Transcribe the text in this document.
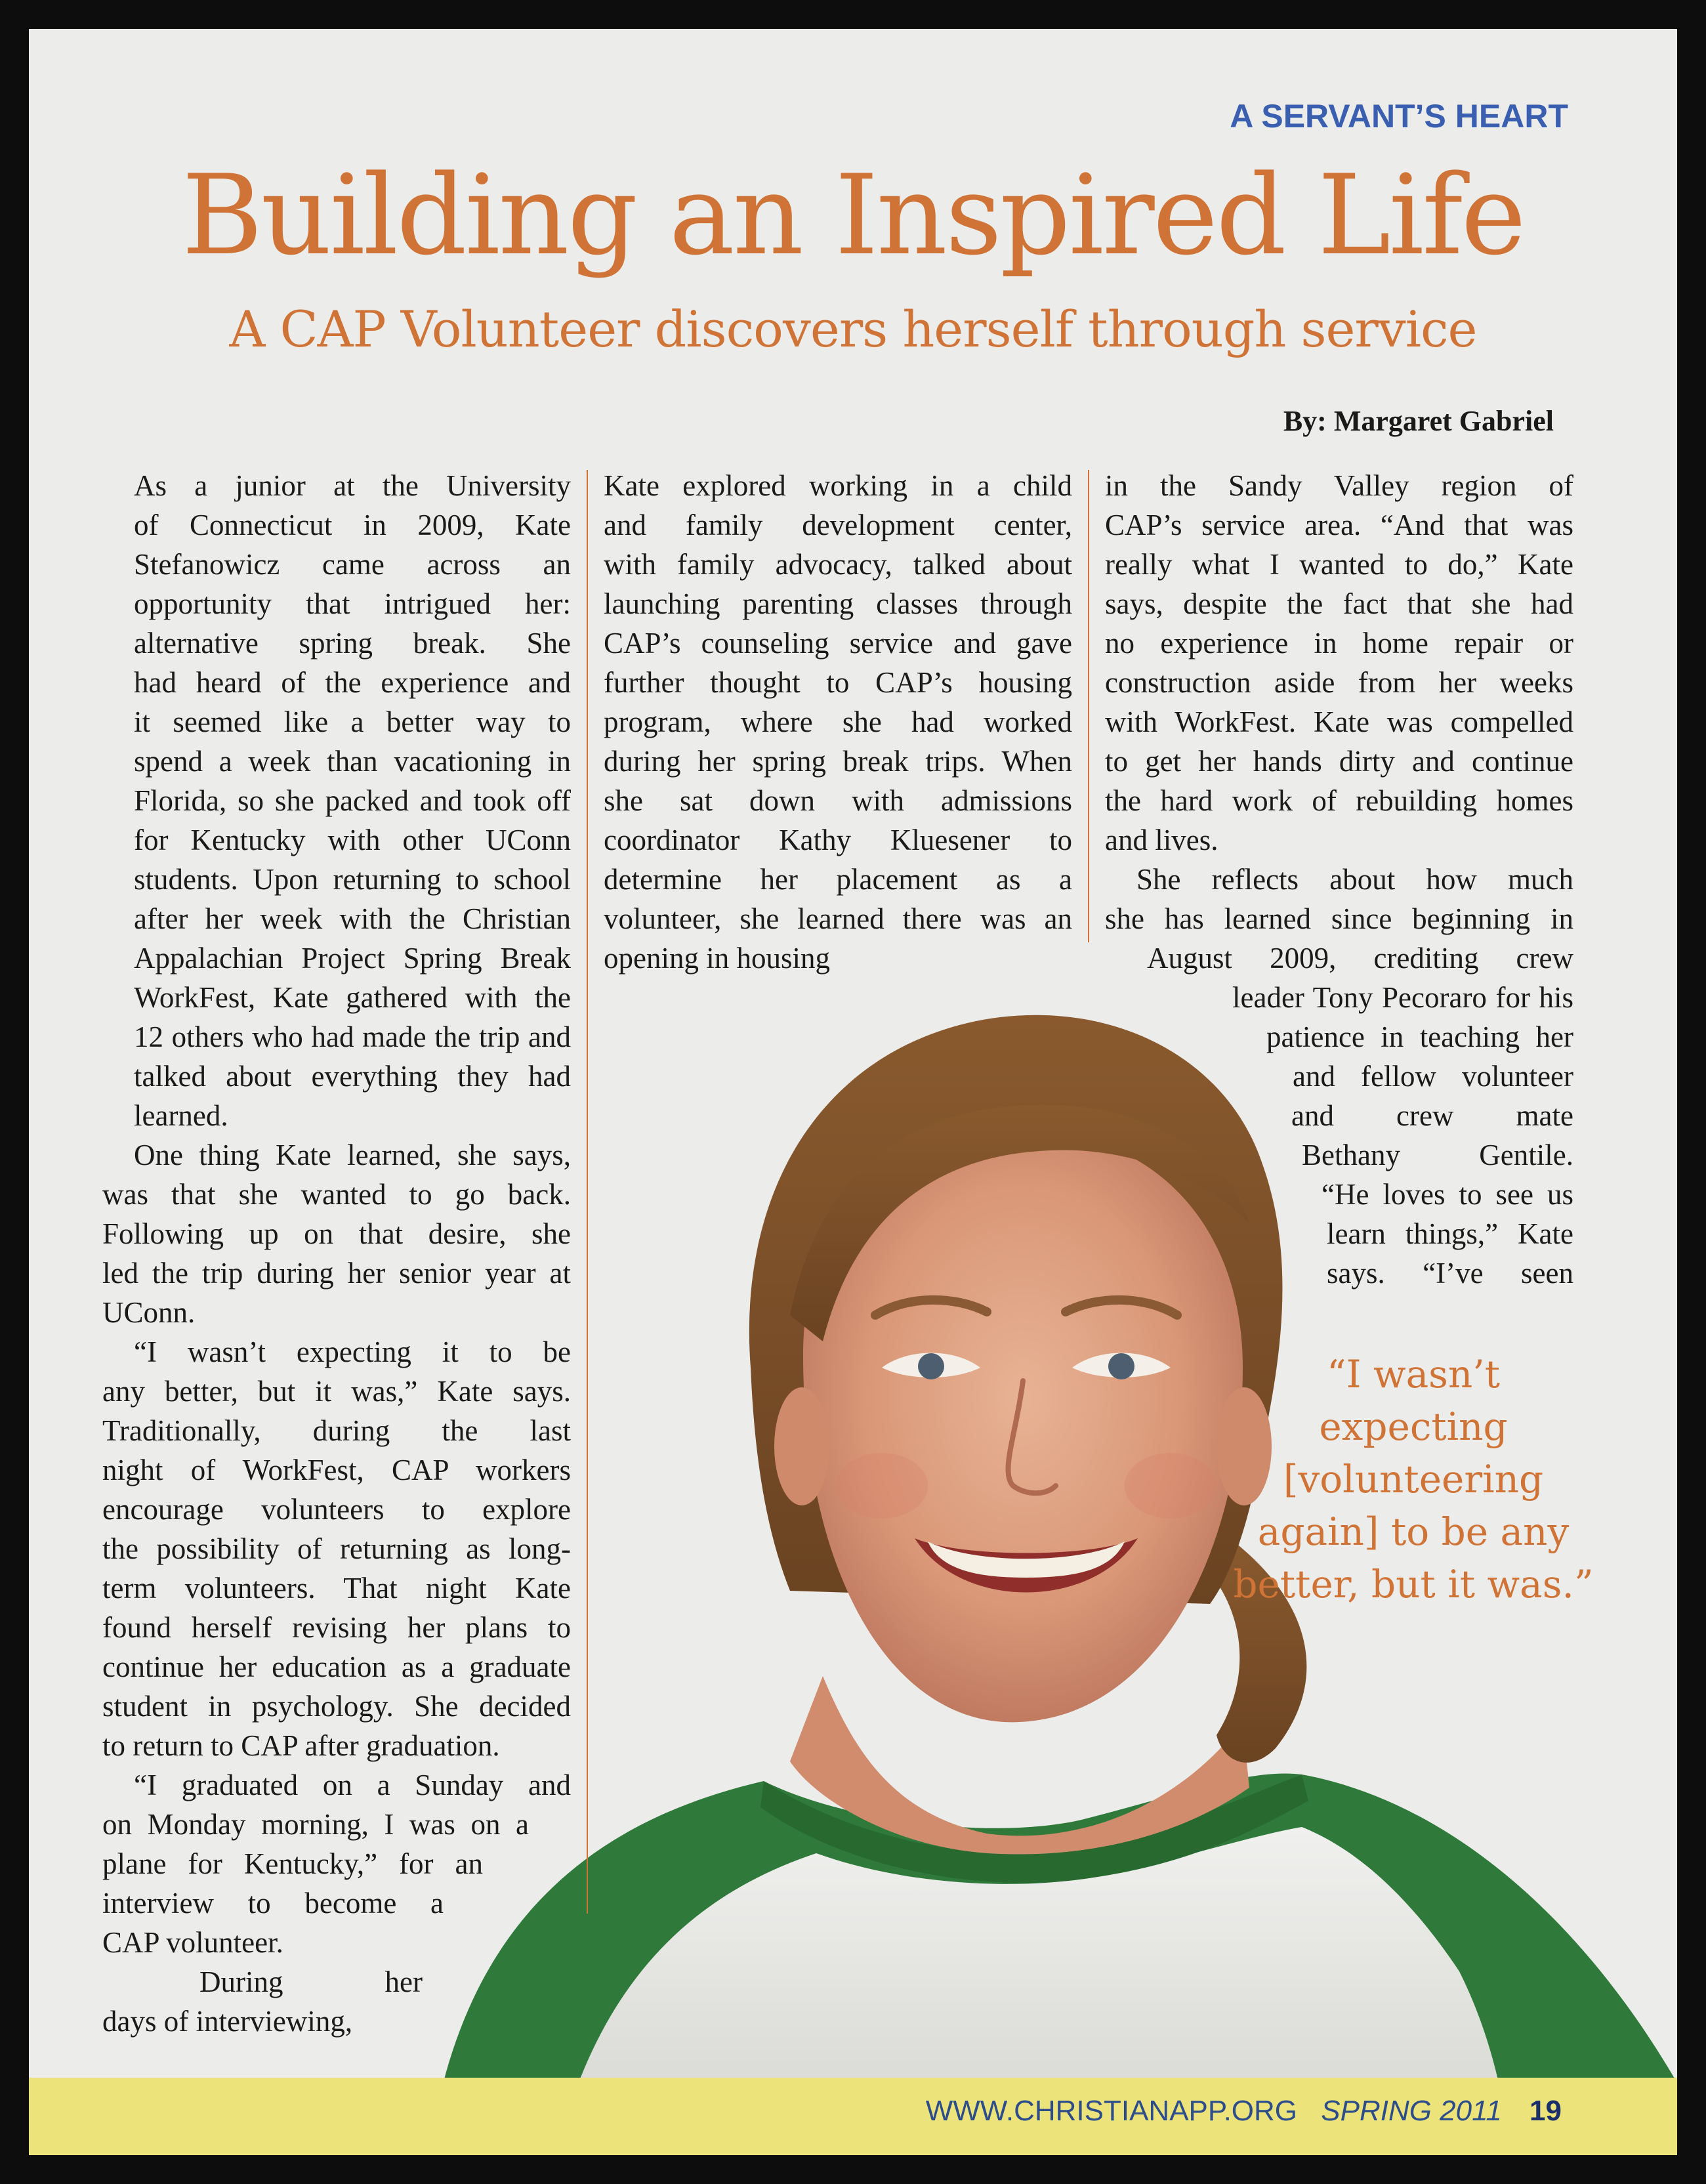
A SERVANT’S HEART
Building an Inspired Life
A CAP Volunteer discovers herself through service
By: Margaret Gabriel

As a junior at the University
of Connecticut in 2009, Kate
Stefanowicz came across an
opportunity that intrigued her:
alternative spring break. She
had heard of the experience and
it seemed like a better way to
spend a week than vacationing in
Florida, so she packed and took off
for Kentucky with other UConn
students. Upon returning to school
after her week with the Christian
Appalachian Project Spring Break
WorkFest, Kate gathered with the
12 others who had made the trip and
talked about everything they had
learned.

One thing Kate learned, she says,
was that she wanted to go back.
Following up on that desire, she
led the trip during her senior year at
UConn.

“I wasn’t expecting it to be
any better, but it was,” Kate says.
Traditionally, during the last
night of WorkFest, CAP workers
encourage volunteers to explore
the possibility of returning as long-
term volunteers. That night Kate
found herself revising her plans to
continue her education as a graduate
student in psychology. She decided
to return to CAP after graduation.

“I graduated on a Sunday and
on Monday morning, I was on a
plane for Kentucky,” for an
interview to become a
CAP volunteer.

During her
days of interviewing,

Kate explored working in a child
and family development center,
with family advocacy, talked about
launching parenting classes through
CAP’s counseling service and gave
further thought to CAP’s housing
program, where she had worked
during her spring break trips. When
she sat down with admissions
coordinator Kathy Kluesener to
determine her placement as a
volunteer, she learned there was an
opening in housing

in the Sandy Valley region of
CAP’s service area. “And that was
really what I wanted to do,” Kate
says, despite the fact that she had
no experience in home repair or
construction aside from her weeks
with WorkFest. Kate was compelled
to get her hands dirty and continue
the hard work of rebuilding homes
and lives.

She reflects about how much
she has learned since beginning in
August 2009, crediting crew
leader Tony Pecoraro for his
patience in teaching her
and fellow volunteer
and crew mate
Bethany Gentile.
“He loves to see us
learn things,” Kate
says. “I’ve seen

“I wasn’t
expecting
[volunteering
again] to be any
better, but it was.”
WWW.CHRISTIANAPP.ORG SPRING 2011 19
